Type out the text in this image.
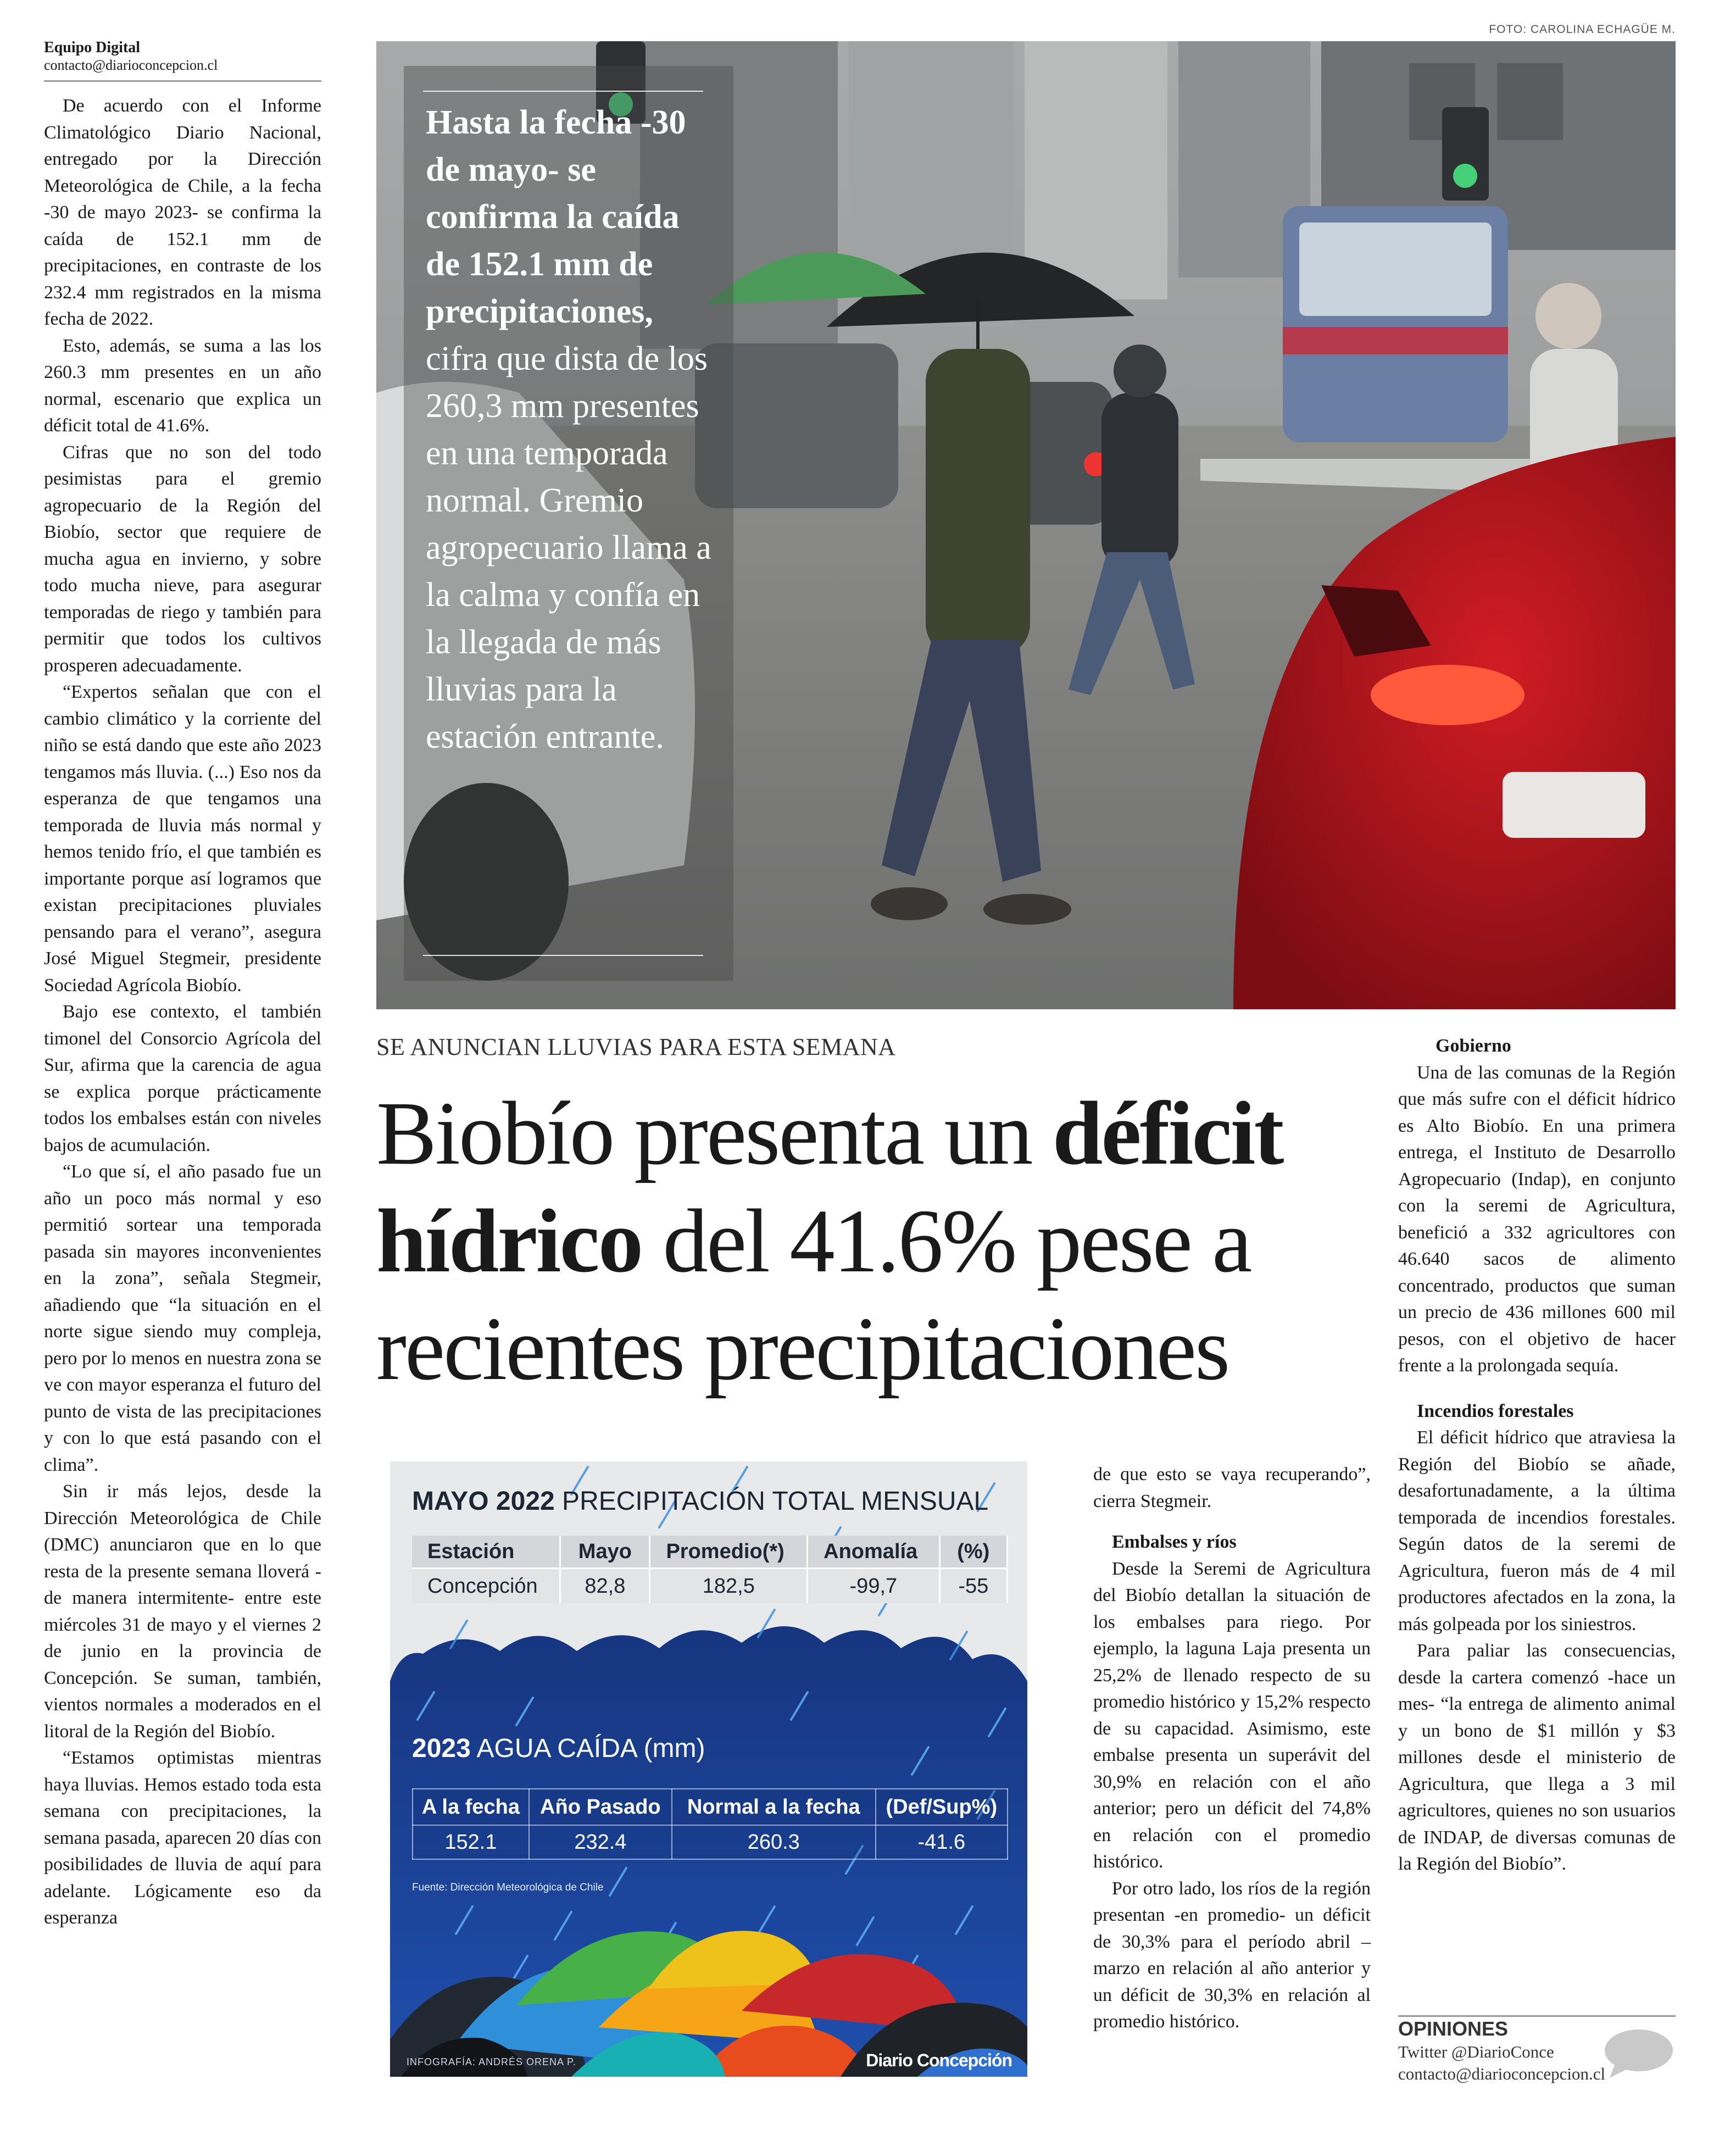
Equipo Digital
contacto@diarioconcepcion.cl

De acuerdo con el Informe Climatológico Diario Nacional, entregado por la Dirección Meteorológica de Chile, a la fecha -30 de mayo 2023- se confirma la caída de 152.1 mm de precipitaciones, en contraste de los 232.4 mm registrados en la misma fecha de 2022.

Esto, además, se suma a las los 260.3 mm presentes en un año normal, escenario que explica un déficit total de 41.6%.

Cifras que no son del todo pesimistas para el gremio agropecuario de la Región del Biobío, sector que requiere de mucha agua en invierno, y sobre todo mucha nieve, para asegurar temporadas de riego y también para permitir que todos los cultivos prosperen adecuadamente.

“Expertos señalan que con el cambio climático y la corriente del niño se está dando que este año 2023 tengamos más lluvia. (...) Eso nos da esperanza de que tengamos una temporada de lluvia más normal y hemos tenido frío, el que también es importante porque así logramos que existan precipitaciones pluviales pensando para el verano”, asegura José Miguel Stegmeir, presidente Sociedad Agrícola Biobío.

Bajo ese contexto, el también timonel del Consorcio Agrícola del Sur, afirma que la carencia de agua se explica porque prácticamente todos los embalses están con niveles bajos de acumulación.

“Lo que sí, el año pasado fue un año un poco más normal y eso permitió sortear una temporada pasada sin mayores inconvenientes en la zona”, señala Stegmeir, añadiendo que “la situación en el norte sigue siendo muy compleja, pero por lo menos en nuestra zona se ve con mayor esperanza el futuro del punto de vista de las precipitaciones y con lo que está pasando con el clima”.

Sin ir más lejos, desde la Dirección Meteorológica de Chile (DMC) anunciaron que en lo que resta de la presente semana lloverá -de manera intermitente- entre este miércoles 31 de mayo y el viernes 2 de junio en la provincia de Concepción. Se suman, también, vientos normales a moderados en el litoral de la Región del Biobío.

“Estamos optimistas mientras haya lluvias. Hemos estado toda esta semana con precipitaciones, la semana pasada, aparecen 20 días con posibilidades de lluvia de aquí para adelante. Lógicamente eso da esperanza

FOTO: CAROLINA ECHAGÜE M.
Hasta la fecha -30 de mayo- se confirma la caída de 152.1 mm de precipitaciones, cifra que dista de los 260,3 mm presentes en una temporada normal. Gremio agropecuario llama a la calma y confía en la llegada de más lluvias para la estación entrante.
SE ANUNCIAN LLUVIAS PARA ESTA SEMANA
Biobío presenta un déficit hídrico del 41.6% pese a recientes precipitaciones
MAYO 2022 PRECIPITACIÓN TOTAL MENSUAL
Estación	Mayo	Promedio(*)	Anomalía	(%)
Concepción	82,8	182,5	-99,7	-55
2023 AGUA CAÍDA (mm)
A la fecha	Año Pasado	Normal a la fecha	(Def/Sup%)
152.1	232.4	260.3	-41.6
Fuente: Dirección Meteorológica de Chile
INFOGRAFÍA: ANDRÉS ORENA P.	Diario Concepción

de que esto se vaya recuperando”, cierra Stegmeir.

Embalses y ríos

Desde la Seremi de Agricultura del Biobío detallan la situación de los embalses para riego. Por ejemplo, la laguna Laja presenta un 25,2% de llenado respecto de su promedio histórico y 15,2% respecto de su capacidad. Asimismo, este embalse presenta un superávit del 30,9% en relación con el año anterior; pero un déficit del 74,8% en relación con el promedio histórico.

Por otro lado, los ríos de la región presentan -en promedio- un déficit de 30,3% para el período abril – marzo en relación al año anterior y un déficit de 30,3% en relación al promedio histórico.

Gobierno

Una de las comunas de la Región que más sufre con el déficit hídrico es Alto Biobío. En una primera entrega, el Instituto de Desarrollo Agropecuario (Indap), en conjunto con la seremi de Agricultura, benefició a 332 agricultores con 46.640 sacos de alimento concentrado, productos que suman un precio de 436 millones 600 mil pesos, con el objetivo de hacer frente a la prolongada sequía.

Incendios forestales

El déficit hídrico que atraviesa la Región del Biobío se añade, desafortunadamente, a la última temporada de incendios forestales. Según datos de la seremi de Agricultura, fueron más de 4 mil productores afectados en la zona, la más golpeada por los siniestros.

Para paliar las consecuencias, desde la cartera comenzó -hace un mes- “la entrega de alimento animal y un bono de $1 millón y $3 millones desde el ministerio de Agricultura, que llega a 3 mil agricultores, quienes no son usuarios de INDAP, de diversas comunas de la Región del Biobío”.

OPINIONES
Twitter @DiarioConce
contacto@diarioconcepcion.cl
